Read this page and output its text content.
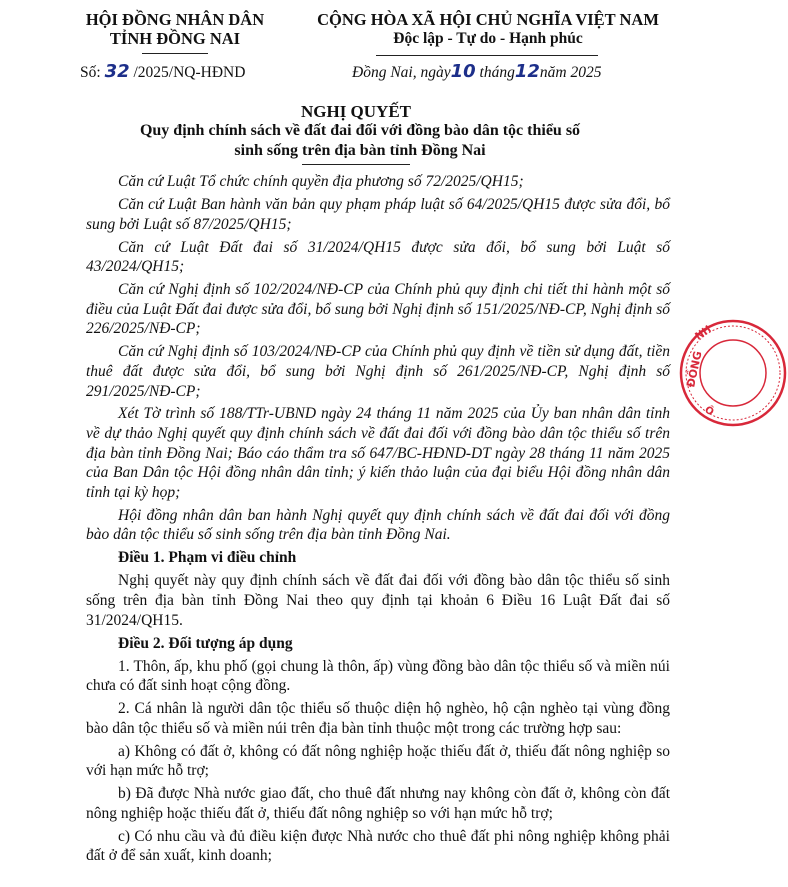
HỘI ĐỒNG NHÂN DÂN
TỈNH ĐỒNG NAI
CỘNG HÒA XÃ HỘI CHỦ NGHĨA VIỆT NAM
Độc lập - Tự do - Hạnh phúc
Số: 32 /2025/NQ-HĐND	Đồng Nai, ngày10 tháng12năm 2025
NGHỊ QUYẾT
Quy định chính sách về đất đai đối với đồng bào dân tộc thiểu số
sinh sống trên địa bàn tỉnh Đồng Nai

Căn cứ Luật Tổ chức chính quyền địa phương số 72/2025/QH15;

Căn cứ Luật Ban hành văn bản quy phạm pháp luật số 64/2025/QH15 được sửa đổi, bổ sung bởi Luật số 87/2025/QH15;

Căn cứ Luật Đất đai số 31/2024/QH15 được sửa đổi, bổ sung bởi Luật số 43/2024/QH15;

Căn cứ Nghị định số 102/2024/NĐ-CP của Chính phủ quy định chi tiết thi hành một số điều của Luật Đất đai được sửa đổi, bổ sung bởi Nghị định số 151/2025/NĐ-CP, Nghị định số 226/2025/NĐ-CP;

Căn cứ Nghị định số 103/2024/NĐ-CP của Chính phủ quy định về tiền sử dụng đất, tiền thuê đất được sửa đổi, bổ sung bởi Nghị định số 261/2025/NĐ-CP, Nghị định số 291/2025/NĐ-CP;

Xét Tờ trình số 188/TTr-UBND ngày 24 tháng 11 năm 2025 của Ủy ban nhân dân tỉnh về dự thảo Nghị quyết quy định chính sách về đất đai đối với đồng bào dân tộc thiểu số trên địa bàn tỉnh Đồng Nai; Báo cáo thẩm tra số 647/BC-HĐND-DT ngày 28 tháng 11 năm 2025 của Ban Dân tộc Hội đồng nhân dân tỉnh; ý kiến thảo luận của đại biểu Hội đồng nhân dân tỉnh tại kỳ họp;

Hội đồng nhân dân ban hành Nghị quyết quy định chính sách về đất đai đối với đồng bào dân tộc thiểu số sinh sống trên địa bàn tỉnh Đồng Nai.

Điều 1. Phạm vi điều chỉnh

Nghị quyết này quy định chính sách về đất đai đối với đồng bào dân tộc thiểu số sinh sống trên địa bàn tỉnh Đồng Nai theo quy định tại khoản 6 Điều 16 Luật Đất đai số 31/2024/QH15.

Điều 2. Đối tượng áp dụng

1. Thôn, ấp, khu phố (gọi chung là thôn, ấp) vùng đồng bào dân tộc thiểu số và miền núi chưa có đất sinh hoạt cộng đồng.

2. Cá nhân là người dân tộc thiểu số thuộc diện hộ nghèo, hộ cận nghèo tại vùng đồng bào dân tộc thiểu số và miền núi trên địa bàn tỉnh thuộc một trong các trường hợp sau:

a) Không có đất ở, không có đất nông nghiệp hoặc thiếu đất ở, thiếu đất nông nghiệp so với hạn mức hỗ trợ;

b) Đã được Nhà nước giao đất, cho thuê đất nhưng nay không còn đất ở, không còn đất nông nghiệp hoặc thiếu đất ở, thiếu đất nông nghiệp so với hạn mức hỗ trợ;

c) Có nhu cầu và đủ điều kiện được Nhà nước cho thuê đất phi nông nghiệp không phải đất ở để sản xuất, kinh doanh;

ĐỒNG
NH
Ô
